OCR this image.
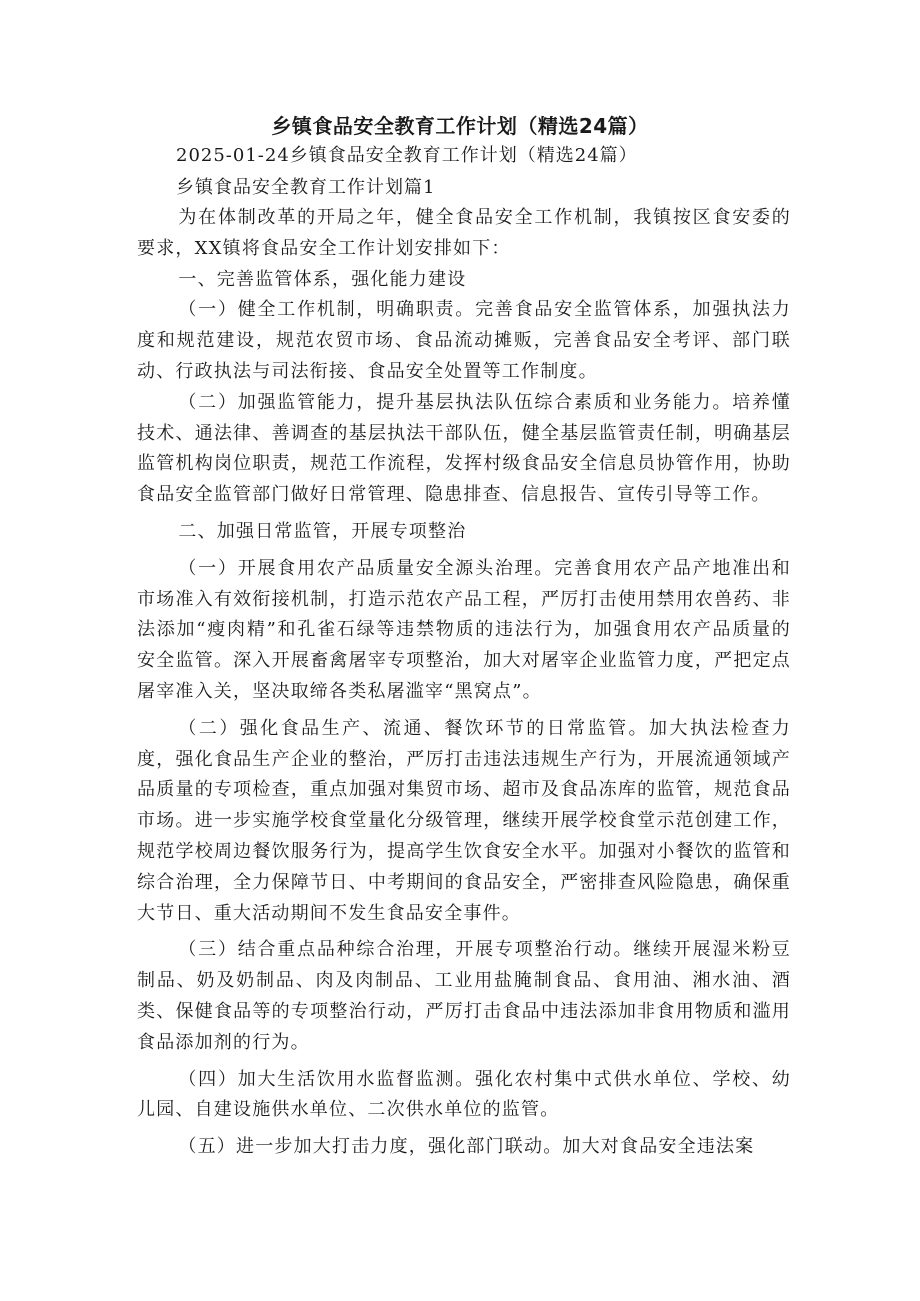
乡镇食品安全教育工作计划（精选24篇）
2025-01-24乡镇食品安全教育工作计划（精选24篇）
乡镇食品安全教育工作计划篇1

为在体制改革的开局之年，健全食品安全工作机制，我镇按区食安委的要求，XX镇将食品安全工作计划安排如下：

一、完善监管体系，强化能力建设

（一）健全工作机制，明确职责。完善食品安全监管体系，加强执法力度和规范建设，规范农贸市场、食品流动摊贩，完善食品安全考评、部门联动、行政执法与司法衔接、食品安全处置等工作制度。

（二）加强监管能力，提升基层执法队伍综合素质和业务能力。培养懂技术、通法律、善调查的基层执法干部队伍，健全基层监管责任制，明确基层监管机构岗位职责，规范工作流程，发挥村级食品安全信息员协管作用，协助食品安全监管部门做好日常管理、隐患排查、信息报告、宣传引导等工作。

二、加强日常监管，开展专项整治

（一）开展食用农产品质量安全源头治理。完善食用农产品产地准出和市场准入有效衔接机制，打造示范农产品工程，严厉打击使用禁用农兽药、非法添加“瘦肉精”和孔雀石绿等违禁物质的违法行为，加强食用农产品质量的安全监管。深入开展畜禽屠宰专项整治，加大对屠宰企业监管力度，严把定点屠宰准入关，坚决取缔各类私屠滥宰“黑窝点”。

（二）强化食品生产、流通、餐饮环节的日常监管。加大执法检查力度，强化食品生产企业的整治，严厉打击违法违规生产行为，开展流通领域产品质量的专项检查，重点加强对集贸市场、超市及食品冻库的监管，规范食品市场。进一步实施学校食堂量化分级管理，继续开展学校食堂示范创建工作，规范学校周边餐饮服务行为，提高学生饮食安全水平。加强对小餐饮的监管和综合治理，全力保障节日、中考期间的食品安全，严密排查风险隐患，确保重大节日、重大活动期间不发生食品安全事件。

（三）结合重点品种综合治理，开展专项整治行动。继续开展湿米粉豆制品、奶及奶制品、肉及肉制品、工业用盐腌制食品、食用油、湘水油、酒类、保健食品等的专项整治行动，严厉打击食品中违法添加非食用物质和滥用食品添加剂的行为。

（四）加大生活饮用水监督监测。强化农村集中式供水单位、学校、幼儿园、自建设施供水单位、二次供水单位的监管。

（五）进一步加大打击力度，强化部门联动。加大对食品安全违法案
